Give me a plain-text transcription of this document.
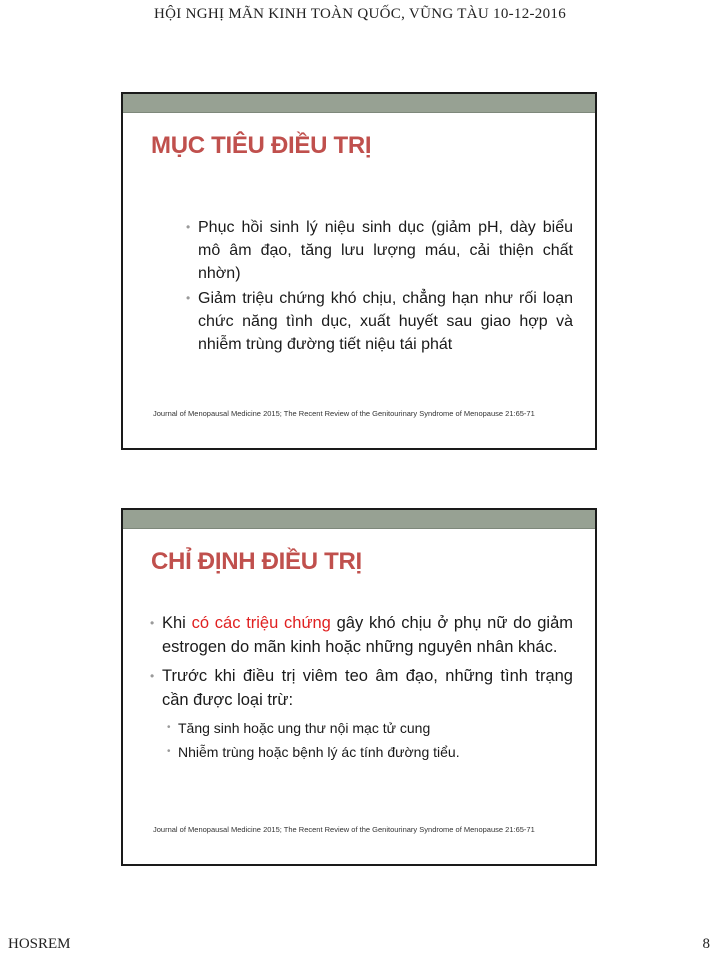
HỘI NGHỊ MÃN KINH TOÀN QUỐC, VŨNG TÀU 10-12-2016
MỤC TIÊU ĐIỀU TRỊ
• Phục hồi sinh lý niệu sinh dục (giảm pH, dày biểu mô âm đạo, tăng lưu lượng máu, cải thiện chất nhờn)
• Giảm triệu chứng khó chịu, chẳng hạn như rối loạn chức năng tình dục, xuất huyết sau giao hợp và nhiễm trùng đường tiết niệu tái phát
Journal of Menopausal Medicine 2015; The Recent Review of the Genitourinary Syndrome of Menopause 21:65-71
CHỈ ĐỊNH ĐIỀU TRỊ
• Khi có các triệu chứng gây khó chịu ở phụ nữ do giảm estrogen do mãn kinh hoặc những nguyên nhân khác.
• Trước khi điều trị viêm teo âm đạo, những tình trạng cần được loại trừ:
• Tăng sinh hoặc ung thư nội mạc tử cung
• Nhiễm trùng hoặc bệnh lý ác tính đường tiểu.
Journal of Menopausal Medicine 2015; The Recent Review of the Genitourinary Syndrome of Menopause 21:65-71
HOSREM	8
